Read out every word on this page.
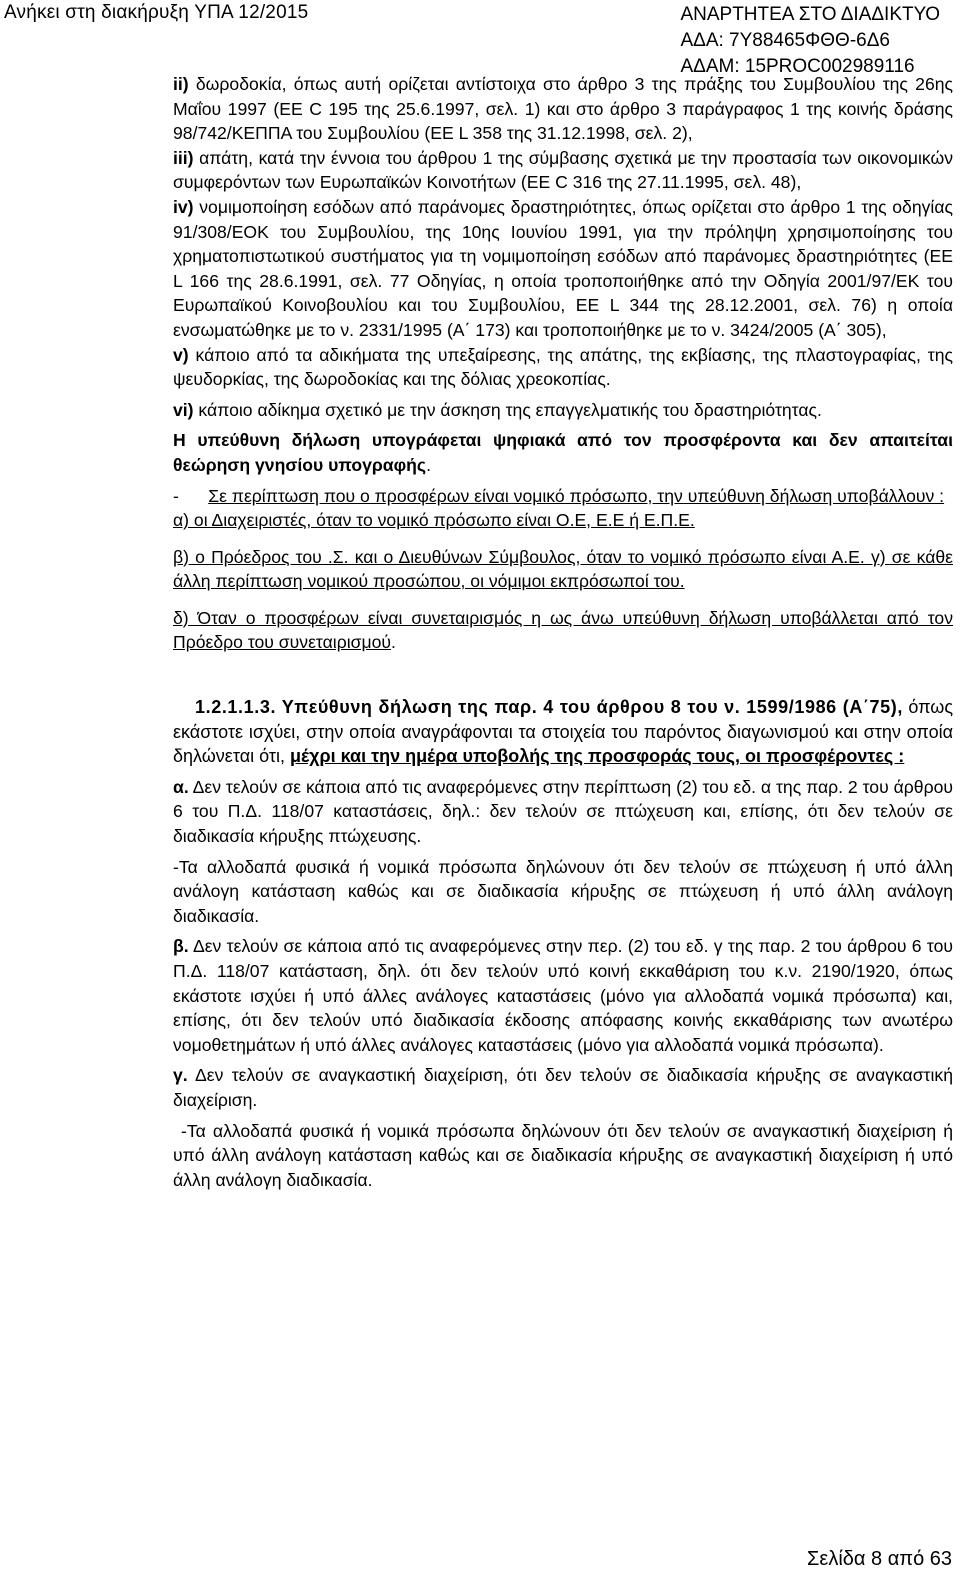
Ανήκει στη διακήρυξη ΥΠΑ 12/2015	ΑΝΑΡΤΗΤΕΑ ΣΤΟ ΔΙΑΔΙΚΤΥΟ
ΑΔΑ: 7Υ88465ΦΘΘ-6Δ6
ΑΔΑΜ: 15PROC002989116

ii) δωροδοκία, όπως αυτή ορίζεται αντίστοιχα στο άρθρο 3 της πράξης του Συμβουλίου της 26ης Μαΐου 1997 (ΕΕ C 195 της 25.6.1997, σελ. 1) και στο άρθρο 3 παράγραφος 1 της κοινής δράσης 98/742/ΚΕΠΠΑ του Συμβουλίου (ΕΕ L 358 της 31.12.1998, σελ. 2),

iii) απάτη, κατά την έννοια του άρθρου 1 της σύμβασης σχετικά με την προστασία των οικονομικών συμφερόντων των Ευρωπαϊκών Κοινοτήτων (ΕΕ C 316 της 27.11.1995, σελ. 48),

iv) νομιμοποίηση εσόδων από παράνομες δραστηριότητες, όπως ορίζεται στο άρθρο 1 της οδηγίας 91/308/ΕΟΚ του Συμβουλίου, της 10ης Ιουνίου 1991, για την πρόληψη χρησιμοποίησης του χρηματοπιστωτικού συστήματος για τη νομιμοποίηση εσόδων από παράνομες δραστηριότητες (ΕΕ L 166 της 28.6.1991, σελ. 77 Οδηγίας, η οποία τροποποιήθηκε από την Οδηγία 2001/97/ΕΚ του Ευρωπαϊκού Κοινοβουλίου και του Συμβουλίου, ΕΕ L 344 της 28.12.2001, σελ. 76) η οποία ενσωματώθηκε με το ν. 2331/1995 (Α΄ 173) και τροποποιήθηκε με το ν. 3424/2005 (Α΄ 305),

v) κάποιο από τα αδικήματα της υπεξαίρεσης, της απάτης, της εκβίασης, της πλαστογραφίας, της ψευδορκίας, της δωροδοκίας και της δόλιας χρεοκοπίας.

vi) κάποιο αδίκημα σχετικό με την άσκηση της επαγγελματικής του δραστηριότητας.

Η υπεύθυνη δήλωση υπογράφεται ψηφιακά από τον προσφέροντα και δεν απαιτείται θεώρηση γνησίου υπογραφής.

- Σε περίπτωση που ο προσφέρων είναι νομικό πρόσωπο, την υπεύθυνη δήλωση υποβάλλουν :

α) οι Διαχειριστές, όταν το νομικό πρόσωπο είναι Ο.Ε, Ε.Ε ή Ε.Π.Ε.

β) ο Πρόεδρος του .Σ. και ο Διευθύνων Σύμβουλος, όταν το νομικό πρόσωπο είναι Α.Ε. γ) σε κάθε άλλη περίπτωση νομικού προσώπου, οι νόμιμοι εκπρόσωποί του.

δ) Όταν ο προσφέρων είναι συνεταιρισμός η ως άνω υπεύθυνη δήλωση υποβάλλεται από τον Πρόεδρο του συνεταιρισμού.

1.2.1.1.3. Υπεύθυνη δήλωση της παρ. 4 του άρθρου 8 του ν. 1599/1986 (Α΄75), όπως εκάστοτε ισχύει, στην οποία αναγράφονται τα στοιχεία του παρόντος διαγωνισμού και στην οποία δηλώνεται ότι, μέχρι και την ημέρα υποβολής της προσφοράς τους, οι προσφέροντες :

α. Δεν τελούν σε κάποια από τις αναφερόμενες στην περίπτωση (2) του εδ. α της παρ. 2 του άρθρου 6 του Π.Δ. 118/07 καταστάσεις, δηλ.: δεν τελούν σε πτώχευση και, επίσης, ότι δεν τελούν σε διαδικασία κήρυξης πτώχευσης.

-Τα αλλοδαπά φυσικά ή νομικά πρόσωπα δηλώνουν ότι δεν τελούν σε πτώχευση ή υπό άλλη ανάλογη κατάσταση καθώς και σε διαδικασία κήρυξης σε πτώχευση ή υπό άλλη ανάλογη διαδικασία.

β. Δεν τελούν σε κάποια από τις αναφερόμενες στην περ. (2) του εδ. γ της παρ. 2 του άρθρου 6 του Π.Δ. 118/07 κατάσταση, δηλ. ότι δεν τελούν υπό κοινή εκκαθάριση του κ.ν. 2190/1920, όπως εκάστοτε ισχύει ή υπό άλλες ανάλογες καταστάσεις (μόνο για αλλοδαπά νομικά πρόσωπα) και, επίσης, ότι δεν τελούν υπό διαδικασία έκδοσης απόφασης κοινής εκκαθάρισης των ανωτέρω νομοθετημάτων ή υπό άλλες ανάλογες καταστάσεις (μόνο για αλλοδαπά νομικά πρόσωπα).

γ. Δεν τελούν σε αναγκαστική διαχείριση, ότι δεν τελούν σε διαδικασία κήρυξης σε αναγκαστική διαχείριση.

-Τα αλλοδαπά φυσικά ή νομικά πρόσωπα δηλώνουν ότι δεν τελούν σε αναγκαστική διαχείριση ή υπό άλλη ανάλογη κατάσταση καθώς και σε διαδικασία κήρυξης σε αναγκαστική διαχείριση ή υπό άλλη ανάλογη διαδικασία.

Σελίδα 8 από 63
